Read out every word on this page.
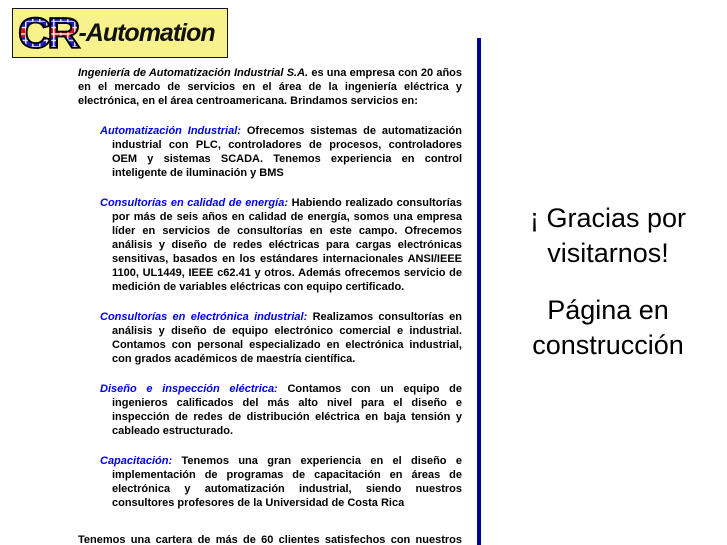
CR -Automation

Ingeniería de Automatización Industrial S.A. es una empresa con 20 años en el mercado de servicios en el área de la ingeniería eléctrica y electrónica, en el área centroamericana. Brindamos servicios en:

Automatización Industrial: Ofrecemos sistemas de automatización industrial con PLC, controladores de procesos, controladores OEM y sistemas SCADA. Tenemos experiencia en control inteligente de iluminación y BMS

Consultorías en calidad de energía: Habiendo realizado consultorías por más de seis años en calidad de energía, somos una empresa líder en servicios de consultorías en este campo. Ofrecemos análisis y diseño de redes eléctricas para cargas electrónicas sensitivas, basados en los estándares internacionales ANSI/IEEE 1100, UL1449, IEEE c62.41 y otros. Además ofrecemos servicio de medición de variables eléctricas con equipo certificado.

Consultorías en electrónica industrial: Realizamos consultorías en análisis y diseño de equipo electrónico comercial e industrial. Contamos con personal especializado en electrónica industrial, con grados académicos de maestría científica.

Diseño e inspección eléctrica: Contamos con un equipo de ingenieros calificados del más alto nivel para el diseño e inspección de redes de distribución eléctrica en baja tensión y cableado estructurado.

Capacitación: Tenemos una gran experiencia en el diseño e implementación de programas de capacitación en áreas de electrónica y automatización industrial, siendo nuestros consultores profesores de la Universidad de Costa Rica

Tenemos una cartera de más de 60 clientes satisfechos con nuestros

¡ Gracias por visitarnos!

Página en construcción
